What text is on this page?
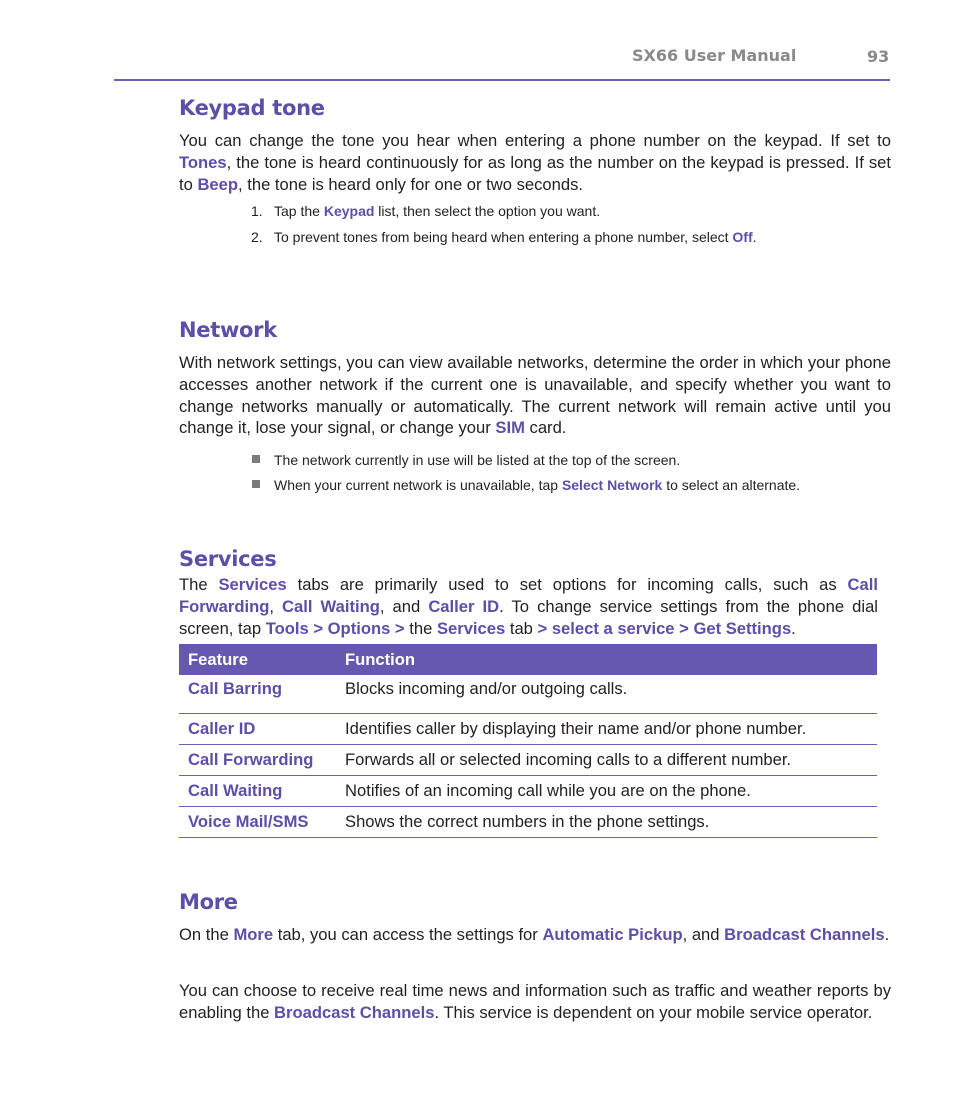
SX66 User Manual	93
Keypad tone

You can change the tone you hear when entering a phone number on the keypad. If set to Tones, the tone is heard continuously for as long as the number on the keypad is pressed. If set to Beep, the tone is heard only for one or two seconds.

1. Tap the Keypad list, then select the option you want.
2. To prevent tones from being heard when entering a phone number, select Off.
Network

With network settings, you can view available networks, determine the order in which your phone accesses another network if the current one is unavailable, and specify whether you want to change networks manually or automatically. The current network will remain active until you change it, lose your signal, or change your SIM card.

The network currently in use will be listed at the top of the screen.
When your current network is unavailable, tap Select Network to select an alternate.
Services

The Services tabs are primarily used to set options for incoming calls, such as Call Forwarding, Call Waiting, and Caller ID. To change service settings from the phone dial screen, tap Tools > Options > the Services tab > select a service > Get Settings.

Feature	Function
Call Barring	Blocks incoming and/or outgoing calls.
Caller ID	Identifies caller by displaying their name and/or phone number.
Call Forwarding	Forwards all or selected incoming calls to a different number.
Call Waiting	Notifies of an incoming call while you are on the phone.
Voice Mail/SMS	Shows the correct numbers in the phone settings.
More

On the More tab, you can access the settings for Automatic Pickup, and Broadcast Channels.

You can choose to receive real time news and information such as traffic and weather reports by enabling the Broadcast Channels. This service is dependent on your mobile service operator.
